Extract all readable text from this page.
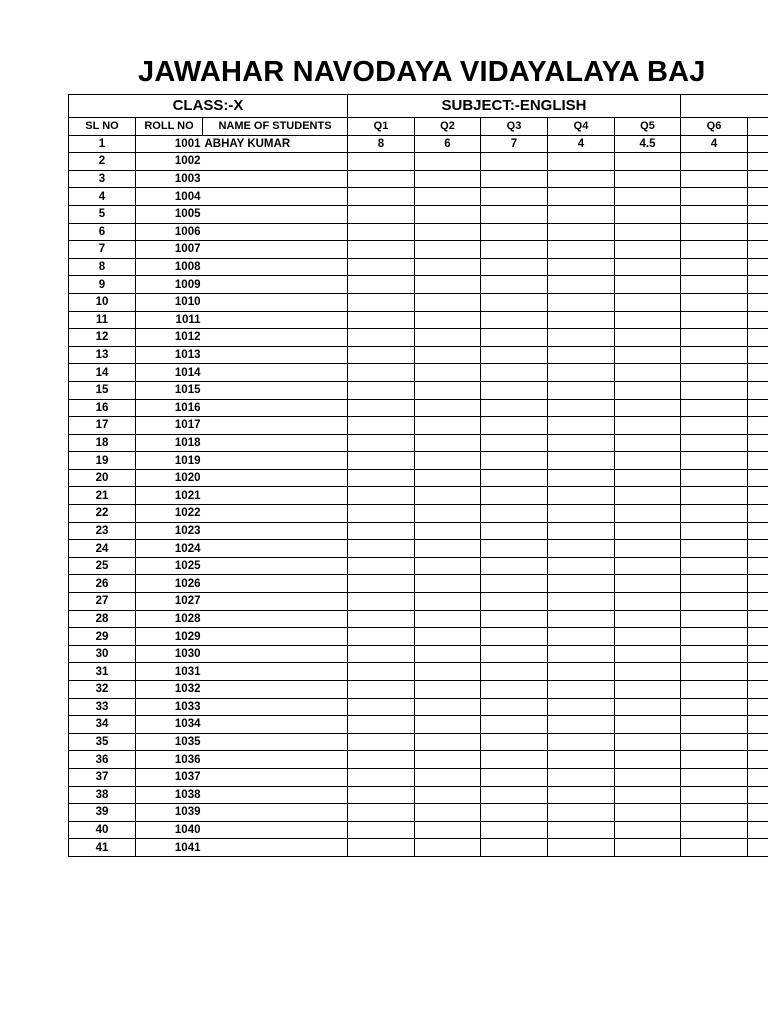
JAWAHAR NAVODAYA VIDAYALAYA BAJ
CLASS:-X			SUBJECT:-ENGLISH						
SL NO	ROLL NO	NAME OF STUDENTS	Q1	Q2	Q3	Q4	Q5	Q6	
1	1001	ABHAY KUMAR	8	6	7	4	4.5	4	
2	1002								
3	1003								
4	1004								
5	1005								
6	1006								
7	1007								
8	1008								
9	1009								
10	1010								
11	1011								
12	1012								
13	1013								
14	1014								
15	1015								
16	1016								
17	1017								
18	1018								
19	1019								
20	1020								
21	1021								
22	1022								
23	1023								
24	1024								
25	1025								
26	1026								
27	1027								
28	1028								
29	1029								
30	1030								
31	1031								
32	1032								
33	1033								
34	1034								
35	1035								
36	1036								
37	1037								
38	1038								
39	1039								
40	1040								
41	1041								
